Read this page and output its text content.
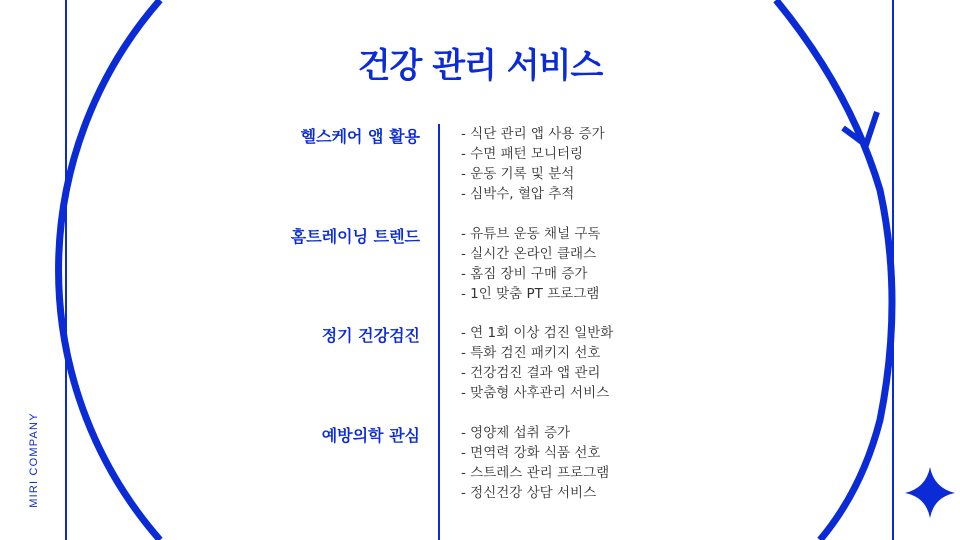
건강 관리 서비스
헬스케어 앱 활용	- 식단 관리 앱 사용 증가
- 수면 패턴 모니터링
- 운동 기록 및 분석
- 심박수, 혈압 추적
홈트레이닝 트렌드	- 유튜브 운동 채널 구독
- 실시간 온라인 클래스
- 홈짐 장비 구매 증가
- 1인 맞춤 PT 프로그램
정기 건강검진	- 연 1회 이상 검진 일반화
- 특화 검진 패키지 선호
- 건강검진 결과 앱 관리
- 맞춤형 사후관리 서비스
예방의학 관심	- 영양제 섭취 증가
- 면역력 강화 식품 선호
- 스트레스 관리 프로그램
- 정신건강 상담 서비스
MIRI COMPANY
